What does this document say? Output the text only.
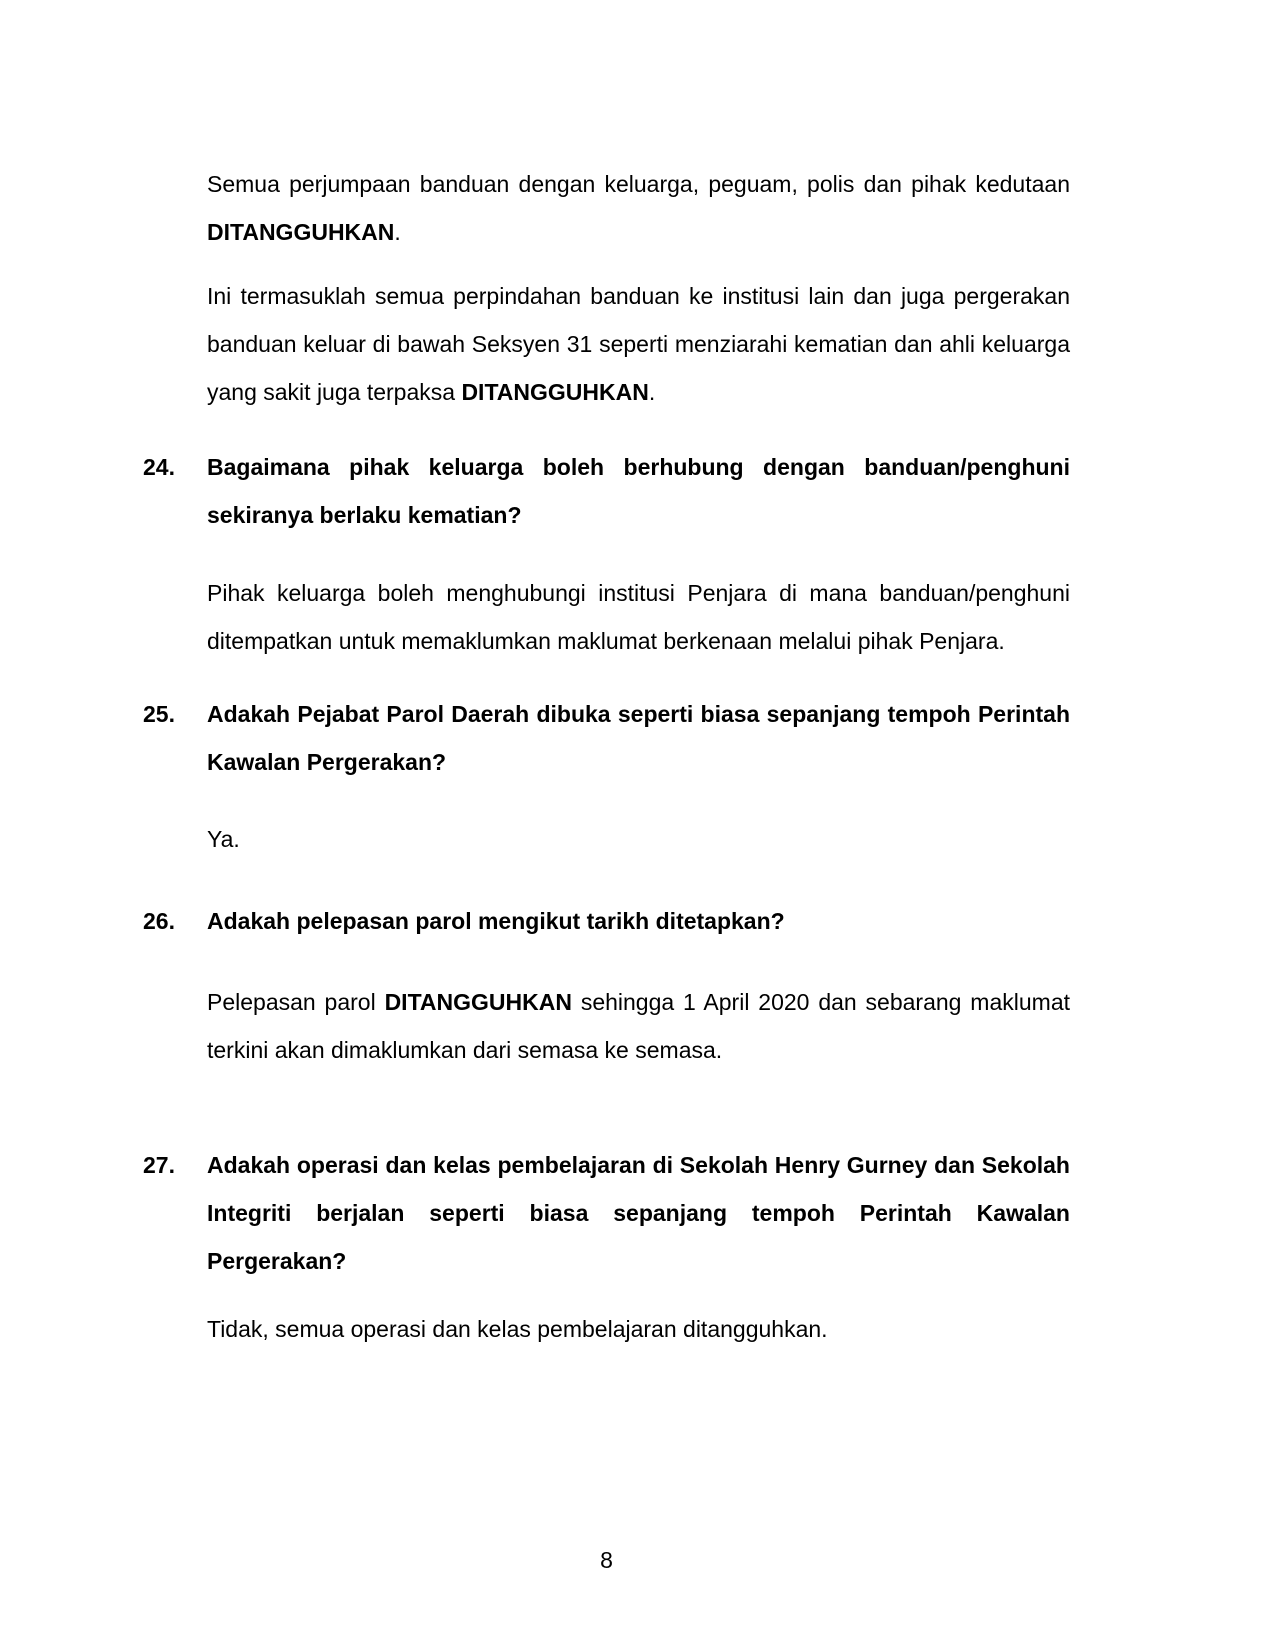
Semua perjumpaan banduan dengan keluarga, peguam, polis dan pihak kedutaan DITANGGUHKAN.

Ini termasuklah semua perpindahan banduan ke institusi lain dan juga pergerakan banduan keluar di bawah Seksyen 31 seperti menziarahi kematian dan ahli keluarga yang sakit juga terpaksa DITANGGUHKAN.

24.	Bagaimana pihak keluarga boleh berhubung dengan banduan/penghuni sekiranya berlaku kematian?

Pihak keluarga boleh menghubungi institusi Penjara di mana banduan/penghuni ditempatkan untuk memaklumkan maklumat berkenaan melalui pihak Penjara.

25.	Adakah Pejabat Parol Daerah dibuka seperti biasa sepanjang tempoh Perintah Kawalan Pergerakan?

Ya.

26.	Adakah pelepasan parol mengikut tarikh ditetapkan?

Pelepasan parol DITANGGUHKAN sehingga 1 April 2020 dan sebarang maklumat terkini akan dimaklumkan dari semasa ke semasa.

27.	Adakah operasi dan kelas pembelajaran di Sekolah Henry Gurney dan Sekolah Integriti berjalan seperti biasa sepanjang tempoh Perintah Kawalan Pergerakan?

Tidak, semua operasi dan kelas pembelajaran ditangguhkan.

8
